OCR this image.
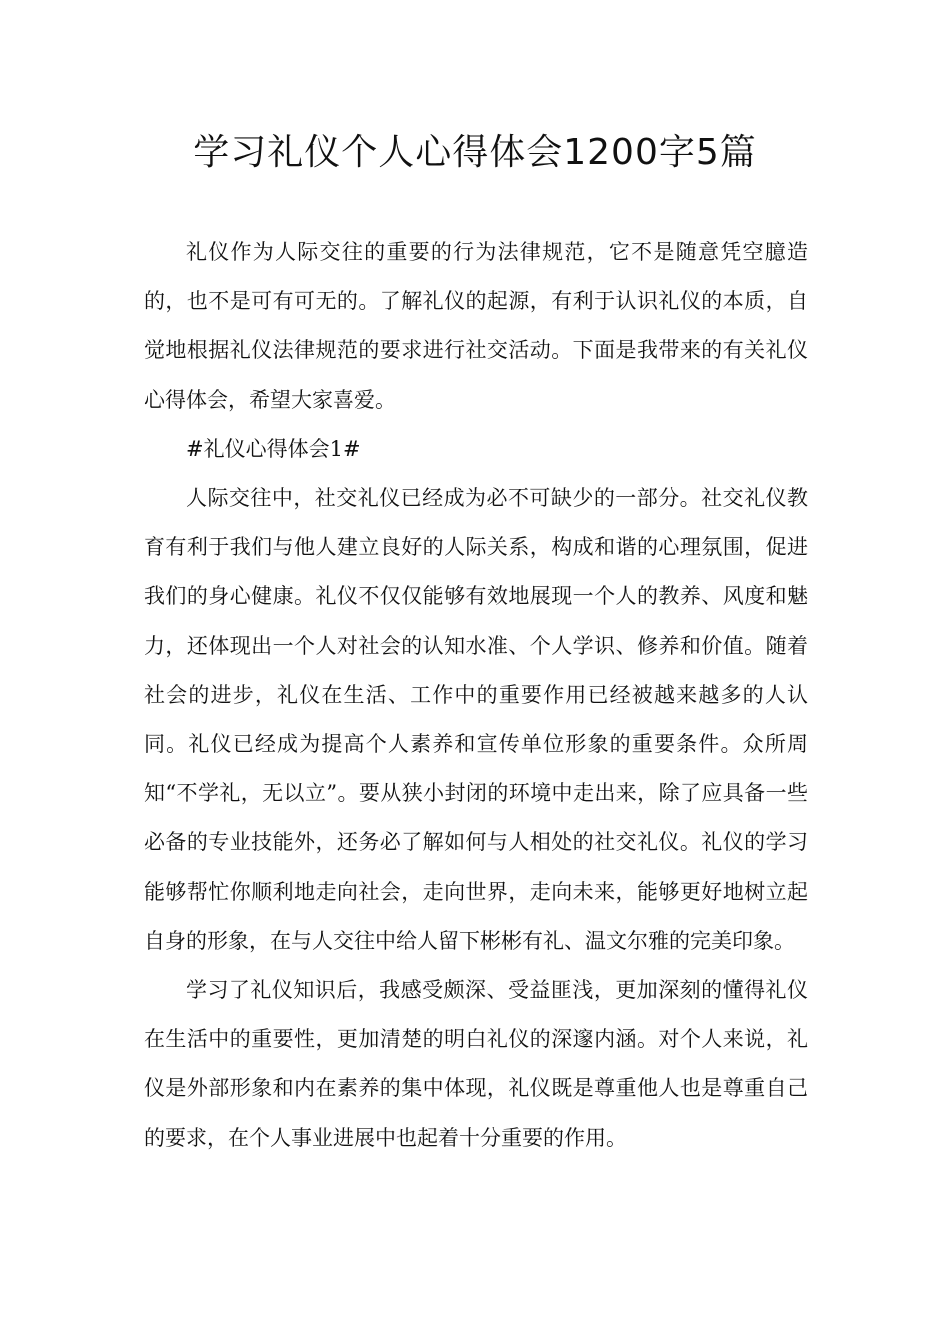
学习礼仪个人心得体会1200字5篇

礼仪作为人际交往的重要的行为法律规范，它不是随意凭空臆造的，也不是可有可无的。了解礼仪的起源，有利于认识礼仪的本质，自觉地根据礼仪法律规范的要求进行社交活动。下面是我带来的有关礼仪心得体会，希望大家喜爱。

#礼仪心得体会1#

人际交往中，社交礼仪已经成为必不可缺少的一部分。社交礼仪教育有利于我们与他人建立良好的人际关系，构成和谐的心理氛围，促进我们的身心健康。礼仪不仅仅能够有效地展现一个人的教养、风度和魅力，还体现出一个人对社会的认知水准、个人学识、修养和价值。随着社会的进步，礼仪在生活、工作中的重要作用已经被越来越多的人认同。礼仪已经成为提高个人素养和宣传单位形象的重要条件。众所周知“不学礼，无以立”。要从狭小封闭的环境中走出来，除了应具备一些必备的专业技能外，还务必了解如何与人相处的社交礼仪。礼仪的学习能够帮忙你顺利地走向社会，走向世界，走向未来，能够更好地树立起自身的形象，在与人交往中给人留下彬彬有礼、温文尔雅的完美印象。

学习了礼仪知识后，我感受颇深、受益匪浅，更加深刻的懂得礼仪在生活中的重要性，更加清楚的明白礼仪的深邃内涵。对个人来说，礼仪是外部形象和内在素养的集中体现，礼仪既是尊重他人也是尊重自己的要求，在个人事业进展中也起着十分重要的作用。
